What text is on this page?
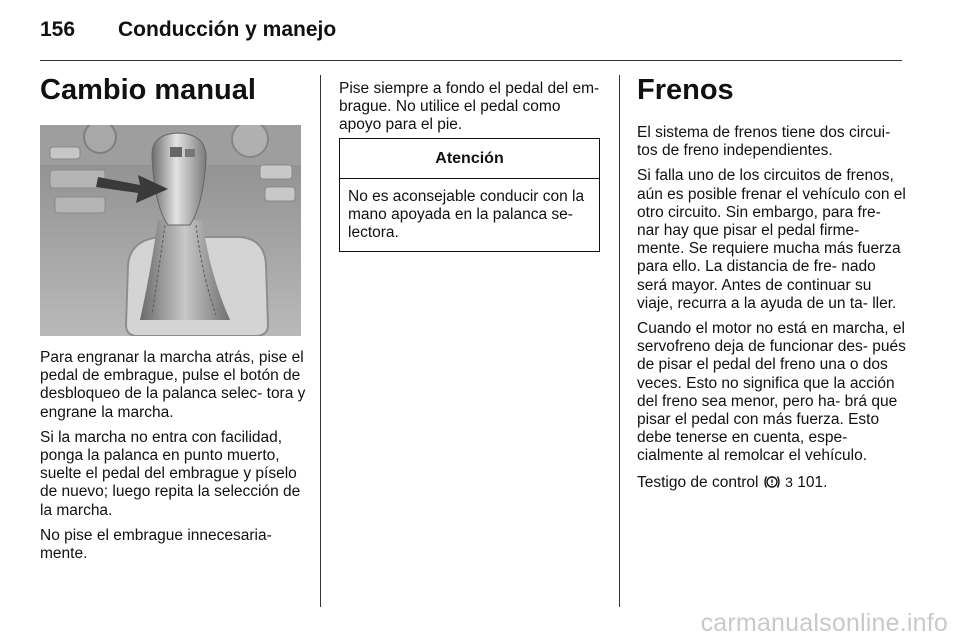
156 Conducción y manejo
Cambio manual

Para engranar la marcha atrás, pise el pedal de embrague, pulse el botón de desbloqueo de la palanca selec- tora y engrane la marcha.

Si la marcha no entra con facilidad, ponga la palanca en punto muerto, suelte el pedal del embrague y píselo de nuevo; luego repita la selección de la marcha.

No pise el embrague innecesaria- mente.

Pise siempre a fondo el pedal del em- brague. No utilice el pedal como apoyo para el pie.

Atención
No es aconsejable conducir con la mano apoyada en la palanca se- lectora.
Frenos

El sistema de frenos tiene dos circui- tos de freno independientes.

Si falla uno de los circuitos de frenos, aún es posible frenar el vehículo con el otro circuito. Sin embargo, para fre- nar hay que pisar el pedal firme- mente. Se requiere mucha más fuerza para ello. La distancia de fre- nado será mayor. Antes de continuar su viaje, recurra a la ayuda de un ta- ller.

Cuando el motor no está en marcha, el servofreno deja de funcionar des- pués de pisar el pedal del freno una o dos veces. Esto no significa que la acción del freno sea menor, pero ha- brá que pisar el pedal con más fuerza. Esto debe tenerse en cuenta, espe- cialmente al remolcar el vehículo.

Testigo de control 3 101.

carmanualsonline.info
